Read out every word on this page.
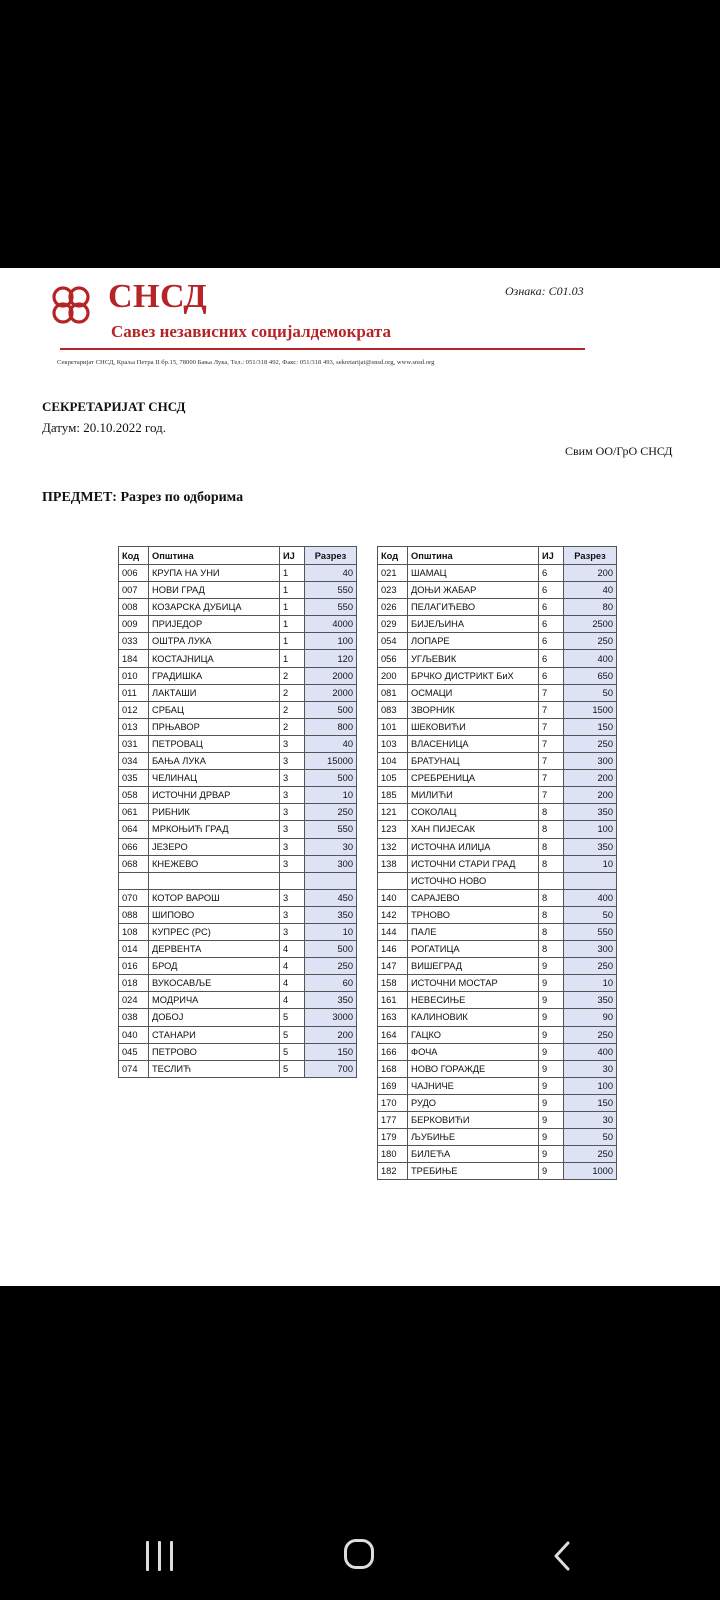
СНСД
Савез независних социјалдемократа
Ознака: С01.03
Секретаријат СНСД, Краља Петра II бр.15, 78000 Бања Лука, Тел.: 051/318 492, Факс: 051/318 493, sekretarijat@snsd.org, www.snsd.org
СЕКРЕТАРИЈАТ СНСД
Датум: 20.10.2022 год.
Свим ОО/ГрО СНСД
ПРЕДМЕТ: Разрез по одборима
Код	Општина	ИЈ	Разрез
006	КРУПА НА УНИ	1	40
007	НОВИ ГРАД	1	550
008	КОЗАРСКА ДУБИЦА	1	550
009	ПРИЈЕДОР	1	4000
033	ОШТРА ЛУКА	1	100
184	КОСТАЈНИЦА	1	120
010	ГРАДИШКА	2	2000
011	ЛАКТАШИ	2	2000
012	СРБАЦ	2	500
013	ПРЊАВОР	2	800
031	ПЕТРОВАЦ	3	40
034	БАЊА ЛУКА	3	15000
035	ЧЕЛИНАЦ	3	500
058	ИСТОЧНИ ДРВАР	3	10
061	РИБНИК	3	250
064	МРКОЊИЋ ГРАД	3	550
066	ЈЕЗЕРО	3	30
068	КНЕЖЕВО	3	300

070	КОТОР ВАРОШ	3	450
088	ШИПОВО	3	350
108	КУПРЕС (РС)	3	10
014	ДЕРВЕНТА	4	500
016	БРОД	4	250
018	ВУКОСАВЉЕ	4	60
024	МОДРИЧА	4	350
038	ДОБОЈ	5	3000
040	СТАНАРИ	5	200
045	ПЕТРОВО	5	150
074	ТЕСЛИЋ	5	700
Код	Општина	ИЈ	Разрез
021	ШАМАЦ	6	200
023	ДОЊИ ЖАБАР	6	40
026	ПЕЛАГИЋЕВО	6	80
029	БИЈЕЉИНА	6	2500
054	ЛОПАРЕ	6	250
056	УГЉЕВИК	6	400
200	БРЧКО ДИСТРИКТ БиХ	6	650
081	ОСМАЦИ	7	50
083	ЗВОРНИК	7	1500
101	ШЕКОВИЋИ	7	150
103	ВЛАСЕНИЦА	7	250
104	БРАТУНАЦ	7	300
105	СРЕБРЕНИЦА	7	200
185	МИЛИЋИ	7	200
121	СОКОЛАЦ	8	350
123	ХАН ПИЈЕСАК	8	100
132	ИСТОЧНА ИЛИЏА	8	350
138	ИСТОЧНИ СТАРИ ГРАД	8	10
	ИСТОЧНО НОВО		
140	САРАЈЕВО	8	400
142	ТРНОВО	8	50
144	ПАЛЕ	8	550
146	РОГАТИЦА	8	300
147	ВИШЕГРАД	9	250
158	ИСТОЧНИ МОСТАР	9	10
161	НЕВЕСИЊЕ	9	350
163	КАЛИНОВИК	9	90
164	ГАЦКО	9	250
166	ФОЧА	9	400
168	НОВО ГОРАЖДЕ	9	30
169	ЧАЈНИЧЕ	9	100
170	РУДО	9	150
177	БЕРКОВИЋИ	9	30
179	ЉУБИЊЕ	9	50
180	БИЛЕЋА	9	250
182	ТРЕБИЊЕ	9	1000
